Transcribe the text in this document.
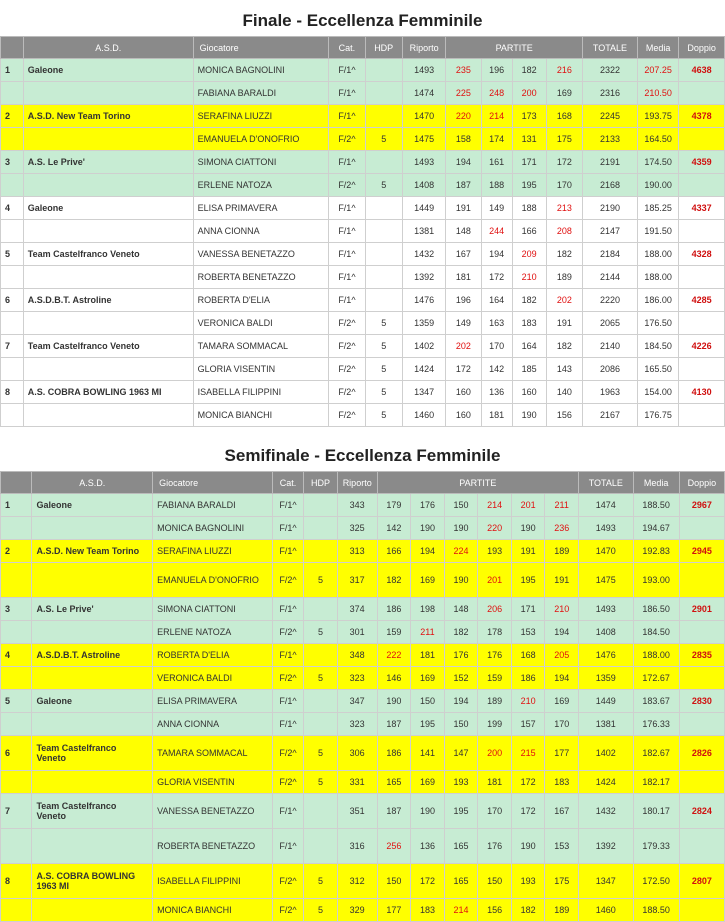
Finale - Eccellenza Femminile
	A.S.D.	Giocatore	Cat.	HDP	Riporto	PARTITE				TOTALE	Media	Doppio
1	Galeone	MONICA BAGNOLINI	F/1^		1493	235	196	182	216	2322	207.25	4638
		FABIANA BARALDI	F/1^		1474	225	248	200	169	2316	210.50	
2	A.S.D. New Team Torino	SERAFINA LIUZZI	F/1^		1470	220	214	173	168	2245	193.75	4378
		EMANUELA D'ONOFRIO	F/2^	5	1475	158	174	131	175	2133	164.50	
3	A.S. Le Prive'	SIMONA CIATTONI	F/1^		1493	194	161	171	172	2191	174.50	4359
		ERLENE NATOZA	F/2^	5	1408	187	188	195	170	2168	190.00	
4	Galeone	ELISA PRIMAVERA	F/1^		1449	191	149	188	213	2190	185.25	4337
		ANNA CIONNA	F/1^		1381	148	244	166	208	2147	191.50	
5	Team Castelfranco Veneto	VANESSA BENETAZZO	F/1^		1432	167	194	209	182	2184	188.00	4328
		ROBERTA BENETAZZO	F/1^		1392	181	172	210	189	2144	188.00	
6	A.S.D.B.T. Astroline	ROBERTA D'ELIA	F/1^		1476	196	164	182	202	2220	186.00	4285
		VERONICA BALDI	F/2^	5	1359	149	163	183	191	2065	176.50	
7	Team Castelfranco Veneto	TAMARA SOMMACAL	F/2^	5	1402	202	170	164	182	2140	184.50	4226
		GLORIA VISENTIN	F/2^	5	1424	172	142	185	143	2086	165.50	
8	A.S. COBRA BOWLING 1963 MI	ISABELLA FILIPPINI	F/2^	5	1347	160	136	160	140	1963	154.00	4130
		MONICA BIANCHI	F/2^	5	1460	160	181	190	156	2167	176.75	
Semifinale - Eccellenza Femminile
	A.S.D.	Giocatore	Cat.	HDP	Riporto	PARTITE						TOTALE	Media	Doppio
1	Galeone	FABIANA BARALDI	F/1^		343	179	176	150	214	201	211	1474	188.50	2967
		MONICA BAGNOLINI	F/1^		325	142	190	190	220	190	236	1493	194.67	
2	A.S.D. New Team Torino	SERAFINA LIUZZI	F/1^		313	166	194	224	193	191	189	1470	192.83	2945
		EMANUELA D'ONOFRIO	F/2^	5	317	182	169	190	201	195	191	1475	193.00	
3	A.S. Le Prive'	SIMONA CIATTONI	F/1^		374	186	198	148	206	171	210	1493	186.50	2901
		ERLENE NATOZA	F/2^	5	301	159	211	182	178	153	194	1408	184.50	
4	A.S.D.B.T. Astroline	ROBERTA D'ELIA	F/1^		348	222	181	176	176	168	205	1476	188.00	2835
		VERONICA BALDI	F/2^	5	323	146	169	152	159	186	194	1359	172.67	
5	Galeone	ELISA PRIMAVERA	F/1^		347	190	150	194	189	210	169	1449	183.67	2830
		ANNA CIONNA	F/1^		323	187	195	150	199	157	170	1381	176.33	
6	Team Castelfranco Veneto	TAMARA SOMMACAL	F/2^	5	306	186	141	147	200	215	177	1402	182.67	2826
		GLORIA VISENTIN	F/2^	5	331	165	169	193	181	172	183	1424	182.17	
7	Team Castelfranco Veneto	VANESSA BENETAZZO	F/1^		351	187	190	195	170	172	167	1432	180.17	2824
		ROBERTA BENETAZZO	F/1^		316	256	136	165	176	190	153	1392	179.33	
8	A.S. COBRA BOWLING 1963 MI	ISABELLA FILIPPINI	F/2^	5	312	150	172	165	150	193	175	1347	172.50	2807
		MONICA BIANCHI	F/2^	5	329	177	183	214	156	182	189	1460	188.50	
